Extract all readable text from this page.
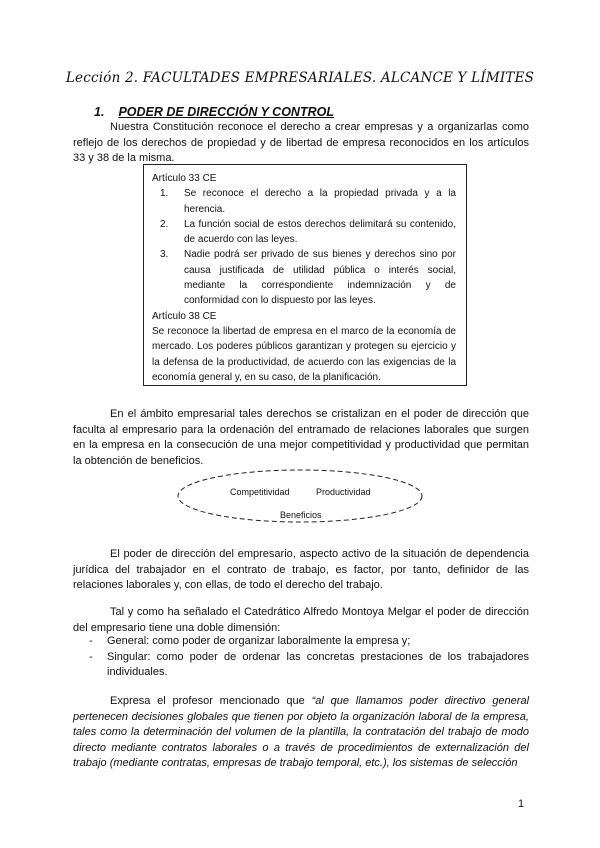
Lección 2. FACULTADES EMPRESARIALES. ALCANCE Y LÍMITES
1. PODER DE DIRECCIÓN Y CONTROL

Nuestra Constitución reconoce el derecho a crear empresas y a organizarlas como reflejo de los derechos de propiedad y de libertad de empresa reconocidos en los artículos 33 y 38 de la misma.

Artículo 33 CE

1. Se reconoce el derecho a la propiedad privada y a la herencia.
2. La función social de estos derechos delimitará su contenido, de acuerdo con las leyes.
3. Nadie podrá ser privado de sus bienes y derechos sino por causa justificada de utilidad pública o interés social, mediante la correspondiente indemnización y de conformidad con lo dispuesto por las leyes.

Artículo 38 CE

Se reconoce la libertad de empresa en el marco de la economía de mercado. Los poderes públicos garantizan y protegen su ejercicio y la defensa de la productividad, de acuerdo con las exigencias de la economía general y, en su caso, de la planificación.

En el ámbito empresarial tales derechos se cristalizan en el poder de dirección que faculta al empresario para la ordenación del entramado de relaciones laborales que surgen en la empresa en la consecución de una mejor competitividad y productividad que permitan la obtención de beneficios.

Competitividad	Productividad
Beneficios

El poder de dirección del empresario, aspecto activo de la situación de dependencia jurídica del trabajador en el contrato de trabajo, es factor, por tanto, definidor de las relaciones laborales y, con ellas, de todo el derecho del trabajo.

Tal y como ha señalado el Catedrático Alfredo Montoya Melgar el poder de dirección del empresario tiene una doble dimensión:

- General: como poder de organizar laboralmente la empresa y;
- Singular: como poder de ordenar las concretas prestaciones de los trabajadores individuales.

Expresa el profesor mencionado que “al que llamamos poder directivo general pertenecen decisiones globales que tienen por objeto la organización laboral de la empresa, tales como la determinación del volumen de la plantilla, la contratación del trabajo de modo directo mediante contratos laborales o a través de procedimientos de externalización del trabajo (mediante contratas, empresas de trabajo temporal, etc.), los sistemas de selección

1
